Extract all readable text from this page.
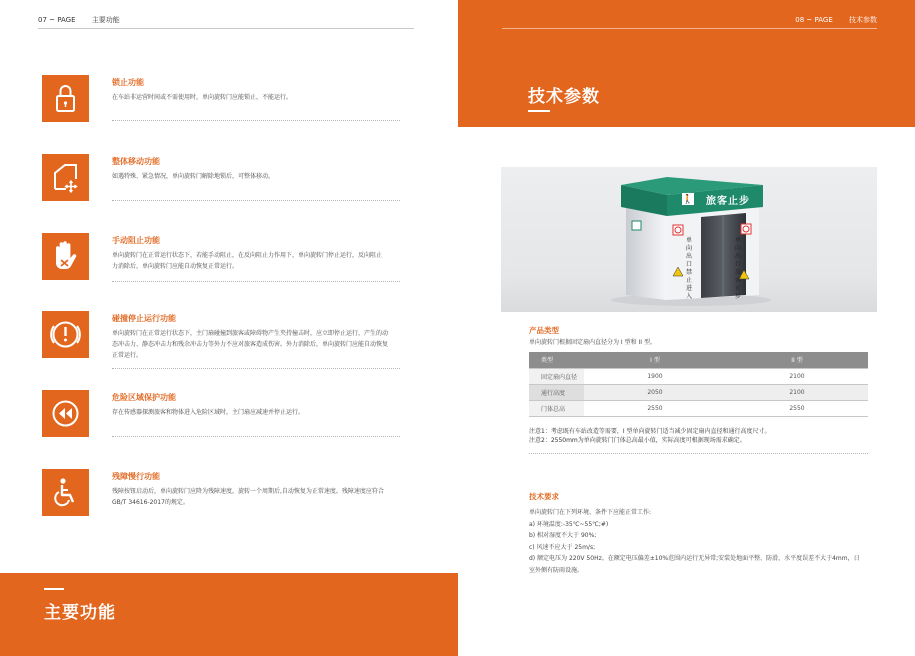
07 ~ PAGE 主要功能
锁止功能
在车站非运营时间或不需使用时，单向旋转门应能锁止，不能运行。
整体移动功能
如遇特殊、紧急情况，单向旋转门解除地锁后，可整体移动。
手动阻止功能
单向旋转门在正常运行状态下，若能手动阻止，在反向阻止力作用下，单向旋转门停止运行，反向阻止
力消除后，单向旋转门应能自动恢复正常运行。
碰撞停止运行功能
单向旋转门在正常运行状态下，主门扇碰撞到旅客或障碍物产生夹持撞击时，应立即停止运行，产生的动
态冲击力、静态冲击力和残余冲击力等外力不应对旅客造成伤害。外力消除后，单向旋转门应能自动恢复
正常运行。
危险区域保护功能
存在传感器探测旅客和物体进入危险区域时，主门扇应减速并停止运行。
残障慢行功能
残障按钮启动后，单向旋转门应降为残障速度，旋转一个周期后,自动恢复为正常速度。残障速度应符合
GB/T 34616-2017的规定。
主要功能
08 ~ PAGE 技术参数
技术参数
🚶 旅客止步
单向出口禁止进入
单向出口旅客止步
产品类型
单向旋转门根据固定扇内直径分为 I 型和 II 型。
类型	I 型	II 型
固定扇内直径	1900	2100
通行高度	2050	2100
门体总高	2550	2550
注意1：考虑既有车站改造等需要，I 型单向旋转门适当减少固定扇内直径和通行高度尺寸。
注意2：2550mm为单向旋转门门体总高最小值，实际高度可根据现场需求确定。
技术要求
单向旋转门在下列环境、条件下应能正常工作:
a) 环境温度:-35℃~55℃;#)
b) 相对湿度不大于 90%;
c) 风速不应大于 25m/s;
d) 额定电压为 220V 50Hz。在额定电压偏差±10%范围内运行无异常;安装处地面平整、防滑，水平度误差不大于4mm，日
室外侧有防雨设施。
